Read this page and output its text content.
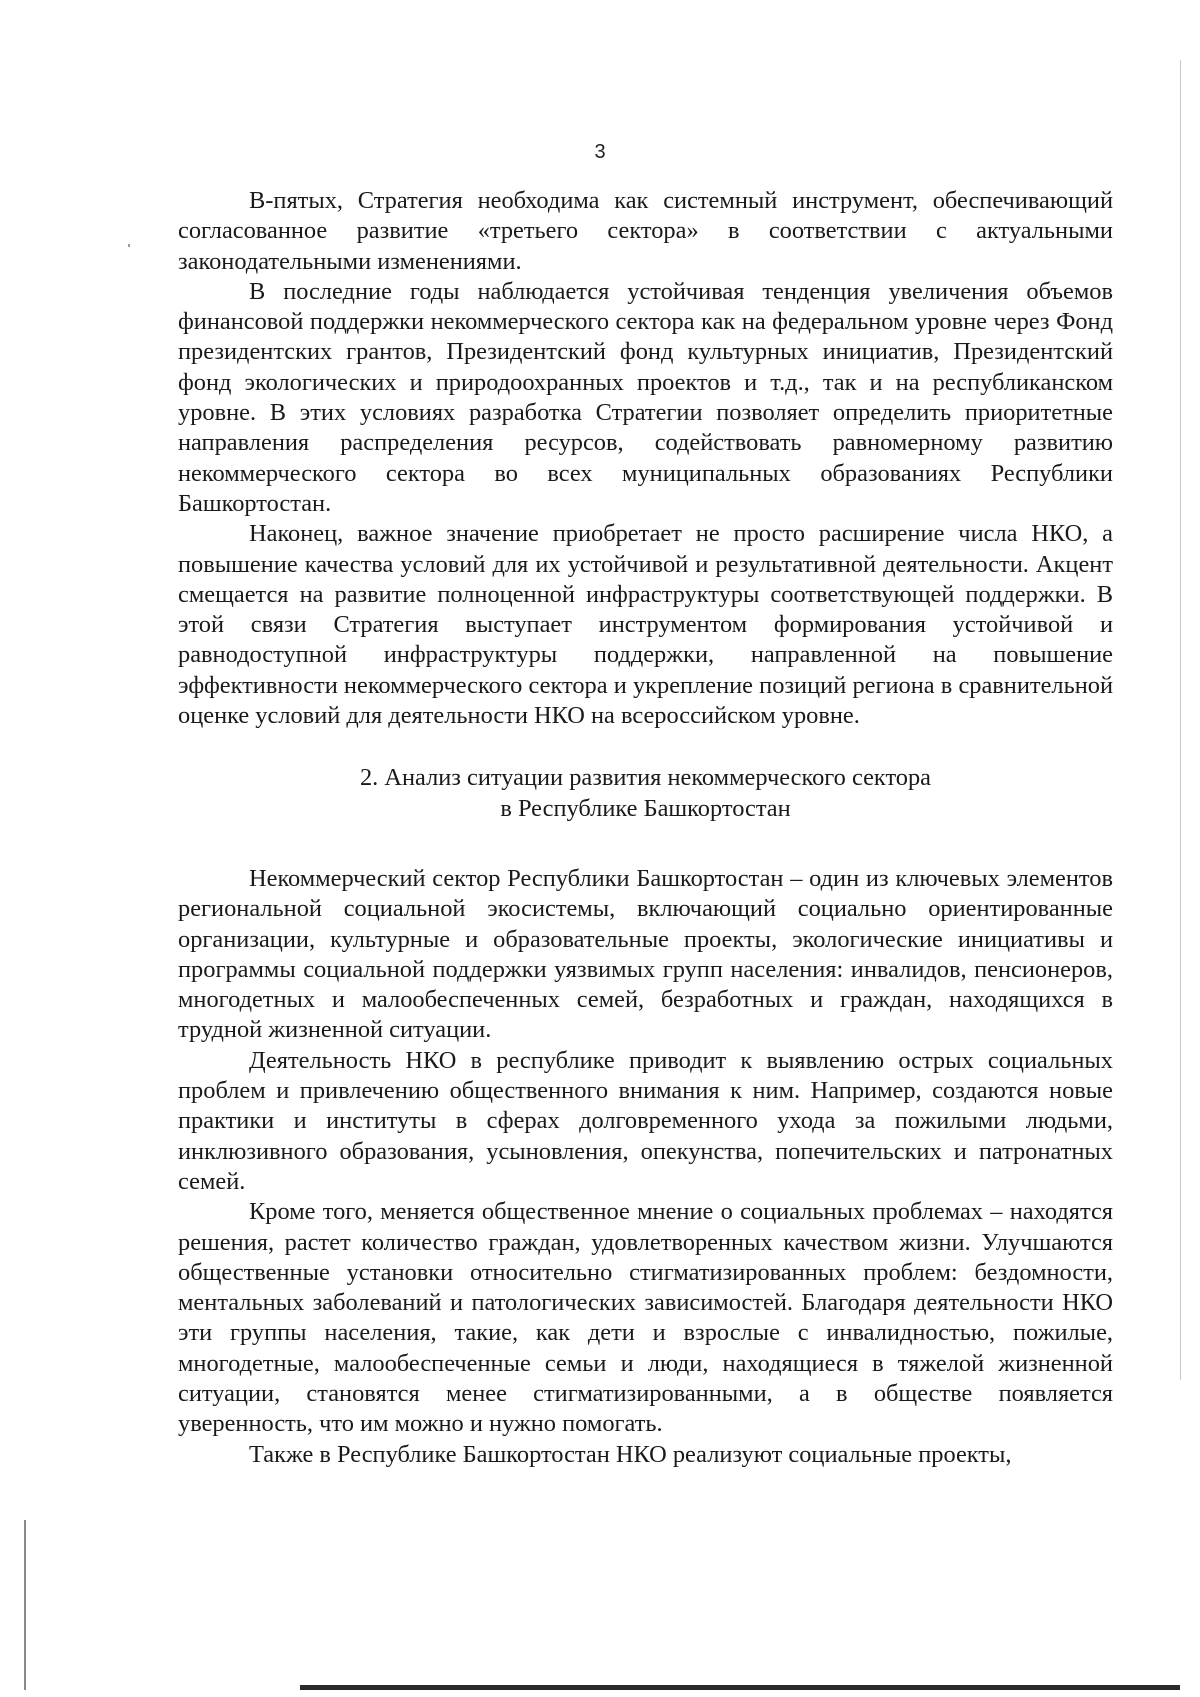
3

В-пятых, Стратегия необходима как системный инструмент, обеспечивающий согласованное развитие «третьего сектора» в соответствии с актуальными законодательными изменениями.

В последние годы наблюдается устойчивая тенденция увеличения объемов финансовой поддержки некоммерческого сектора как на федеральном уровне через Фонд президентских грантов, Президентский фонд культурных инициатив, Президентский фонд экологических и природоохранных проектов и т.д., так и на республиканском уровне. В этих условиях разработка Стратегии позволяет определить приоритетные направления распределения ресурсов, содействовать равномерному развитию некоммерческого сектора во всех муниципальных образованиях Республики Башкортостан.

Наконец, важное значение приобретает не просто расширение числа НКО, а повышение качества условий для их устойчивой и результативной деятельности. Акцент смещается на развитие полноценной инфраструктуры соответствующей поддержки. В этой связи Стратегия выступает инструментом формирования устойчивой и равнодоступной инфраструктуры поддержки, направленной на повышение эффективности некоммерческого сектора и укрепление позиций региона в сравнительной оценке условий для деятельности НКО на всероссийском уровне.

2. Анализ ситуации развития некоммерческого сектора
в Республике Башкортостан

Некоммерческий сектор Республики Башкортостан – один из ключевых элементов региональной социальной экосистемы, включающий социально ориентированные организации, культурные и образовательные проекты, экологические инициативы и программы социальной поддержки уязвимых групп населения: инвалидов, пенсионеров, многодетных и малообеспеченных семей, безработных и граждан, находящихся в трудной жизненной ситуации.

Деятельность НКО в республике приводит к выявлению острых социальных проблем и привлечению общественного внимания к ним. Например, создаются новые практики и институты в сферах долговременного ухода за пожилыми людьми, инклюзивного образования, усыновления, опекунства, попечительских и патронатных семей.

Кроме того, меняется общественное мнение о социальных проблемах – находятся решения, растет количество граждан, удовлетворенных качеством жизни. Улучшаются общественные установки относительно стигматизированных проблем: бездомности, ментальных заболеваний и патологических зависимостей. Благодаря деятельности НКО эти группы населения, такие, как дети и взрослые с инвалидностью, пожилые, многодетные, малообеспеченные семьи и люди, находящиеся в тяжелой жизненной ситуации, становятся менее стигматизированными, а в обществе появляется уверенность, что им можно и нужно помогать.

Также в Республике Башкортостан НКО реализуют социальные проекты,
